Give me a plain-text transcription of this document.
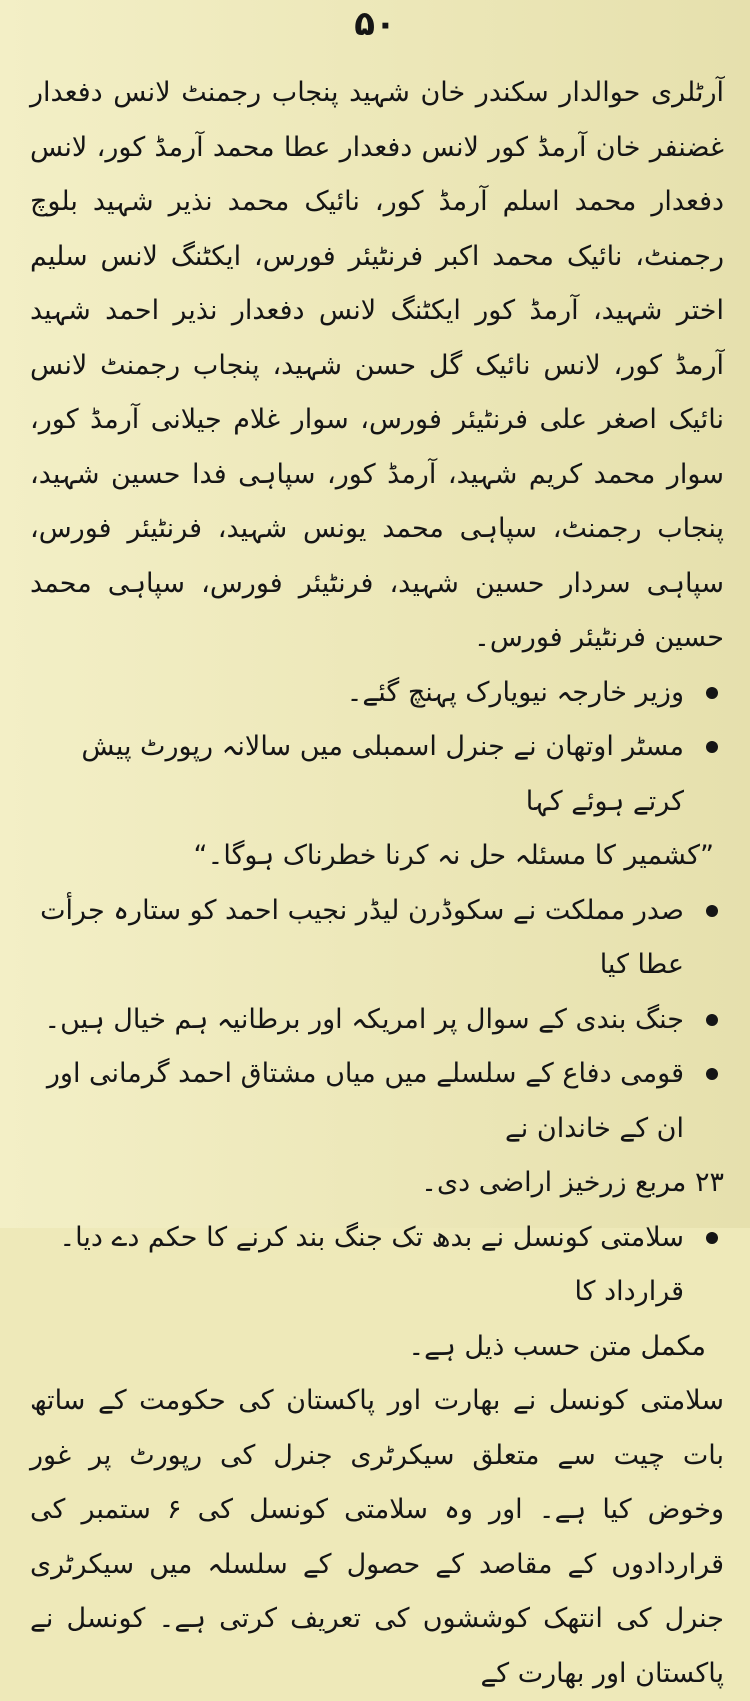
۵۰

آرٹلری حوالدار سکندر خان شہید پنجاب رجمنٹ لانس دفعدار غضنفر خان آرمڈ کور لانس دفعدار عطا محمد آرمڈ کور، لانس دفعدار محمد اسلم آرمڈ کور، نائیک محمد نذیر شہید بلوچ رجمنٹ، نائیک محمد اکبر فرنٹیئر فورس، ایکٹنگ لانس سلیم اختر شہید، آرمڈ کور ایکٹنگ لانس دفعدار نذیر احمد شہید آرمڈ کور، لانس نائیک گل حسن شہید، پنجاب رجمنٹ لانس نائیک اصغر علی فرنٹیئر فورس، سوار غلام جیلانی آرمڈ کور، سوار محمد کریم شہید، آرمڈ کور، سپاہی فدا حسین شہید، پنجاب رجمنٹ، سپاہی محمد یونس شہید، فرنٹیئر فورس، سپاہی سردار حسین شہید، فرنٹیئر فورس، سپاہی محمد حسین فرنٹیئر فورس۔

وزیر خارجہ نیویارک پہنچ گئے۔
مسٹر اوتھان نے جنرل اسمبلی میں سالانہ رپورٹ پیش کرتے ہوئے کہا

”کشمیر کا مسئلہ حل نہ کرنا خطرناک ہوگا۔“

صدر مملکت نے سکوڈرن لیڈر نجیب احمد کو ستارہ جرأت عطا کیا
جنگ بندی کے سوال پر امریکہ اور برطانیہ ہم خیال ہیں۔
قومی دفاع کے سلسلے میں میاں مشتاق احمد گرمانی اور ان کے خاندان نے

۲۳ مربع زرخیز اراضی دی۔

سلامتی کونسل نے بدھ تک جنگ بند کرنے کا حکم دے دیا۔ قرارداد کا

مکمل متن حسب ذیل ہے۔

سلامتی کونسل نے بھارت اور پاکستان کی حکومت کے ساتھ بات چیت سے متعلق سیکرٹری جنرل کی رپورٹ پر غور وخوض کیا ہے۔ اور وہ سلامتی کونسل کی ۶ ستمبر کی قراردادوں کے مقاصد کے حصول کے سلسلہ میں سیکرٹری جنرل کی انتھک کوششوں کی تعریف کرتی ہے۔ کونسل نے پاکستان اور بھارت کے
